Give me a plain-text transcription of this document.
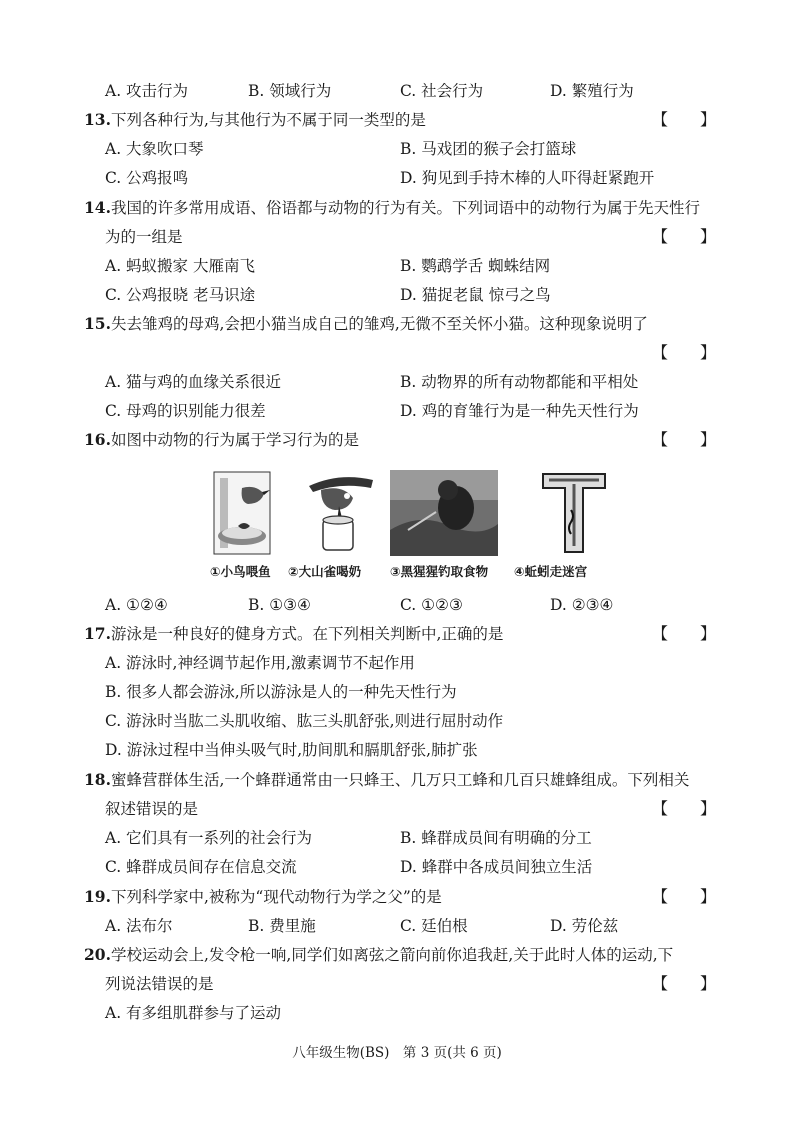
A. 攻击行为	B. 领域行为	C. 社会行为	D. 繁殖行为
13.下列各种行为,与其他行为不属于同一类型的是	【　　】
A. 大象吹口琴	B. 马戏团的猴子会打篮球
C. 公鸡报鸣	D. 狗见到手持木棒的人吓得赶紧跑开
14.我国的许多常用成语、俗语都与动物的行为有关。下列词语中的动物行为属于先天性行
为的一组是	【　　】
A. 蚂蚁搬家 大雁南飞	B. 鹦鹉学舌 蜘蛛结网
C. 公鸡报晓 老马识途	D. 猫捉老鼠 惊弓之鸟
15.失去雏鸡的母鸡,会把小猫当成自己的雏鸡,无微不至关怀小猫。这种现象说明了
【　　】
A. 猫与鸡的血缘关系很近	B. 动物界的所有动物都能和平相处
C. 母鸡的识别能力很差	D. 鸡的育雏行为是一种先天性行为
16.如图中动物的行为属于学习行为的是	【　　】
①小鸟喂鱼 ②大山雀喝奶 ③黑猩猩钓取食物 ④蚯蚓走迷宫
A. ①②④	B. ①③④	C. ①②③	D. ②③④
17.游泳是一种良好的健身方式。在下列相关判断中,正确的是	【　　】
A. 游泳时,神经调节起作用,激素调节不起作用
B. 很多人都会游泳,所以游泳是人的一种先天性行为
C. 游泳时当肱二头肌收缩、肱三头肌舒张,则进行屈肘动作
D. 游泳过程中当伸头吸气时,肋间肌和膈肌舒张,肺扩张
18.蜜蜂营群体生活,一个蜂群通常由一只蜂王、几万只工蜂和几百只雄蜂组成。下列相关
叙述错误的是	【　　】
A. 它们具有一系列的社会行为	B. 蜂群成员间有明确的分工
C. 蜂群成员间存在信息交流	D. 蜂群中各成员间独立生活
19.下列科学家中,被称为“现代动物行为学之父”的是	【　　】
A. 法布尔	B. 费里施	C. 廷伯根	D. 劳伦兹
20.学校运动会上,发令枪一响,同学们如离弦之箭向前你追我赶,关于此时人体的运动,下
列说法错误的是	【　　】
A. 有多组肌群参与了运动
八年级生物(BS)　第 3 页(共 6 页)
